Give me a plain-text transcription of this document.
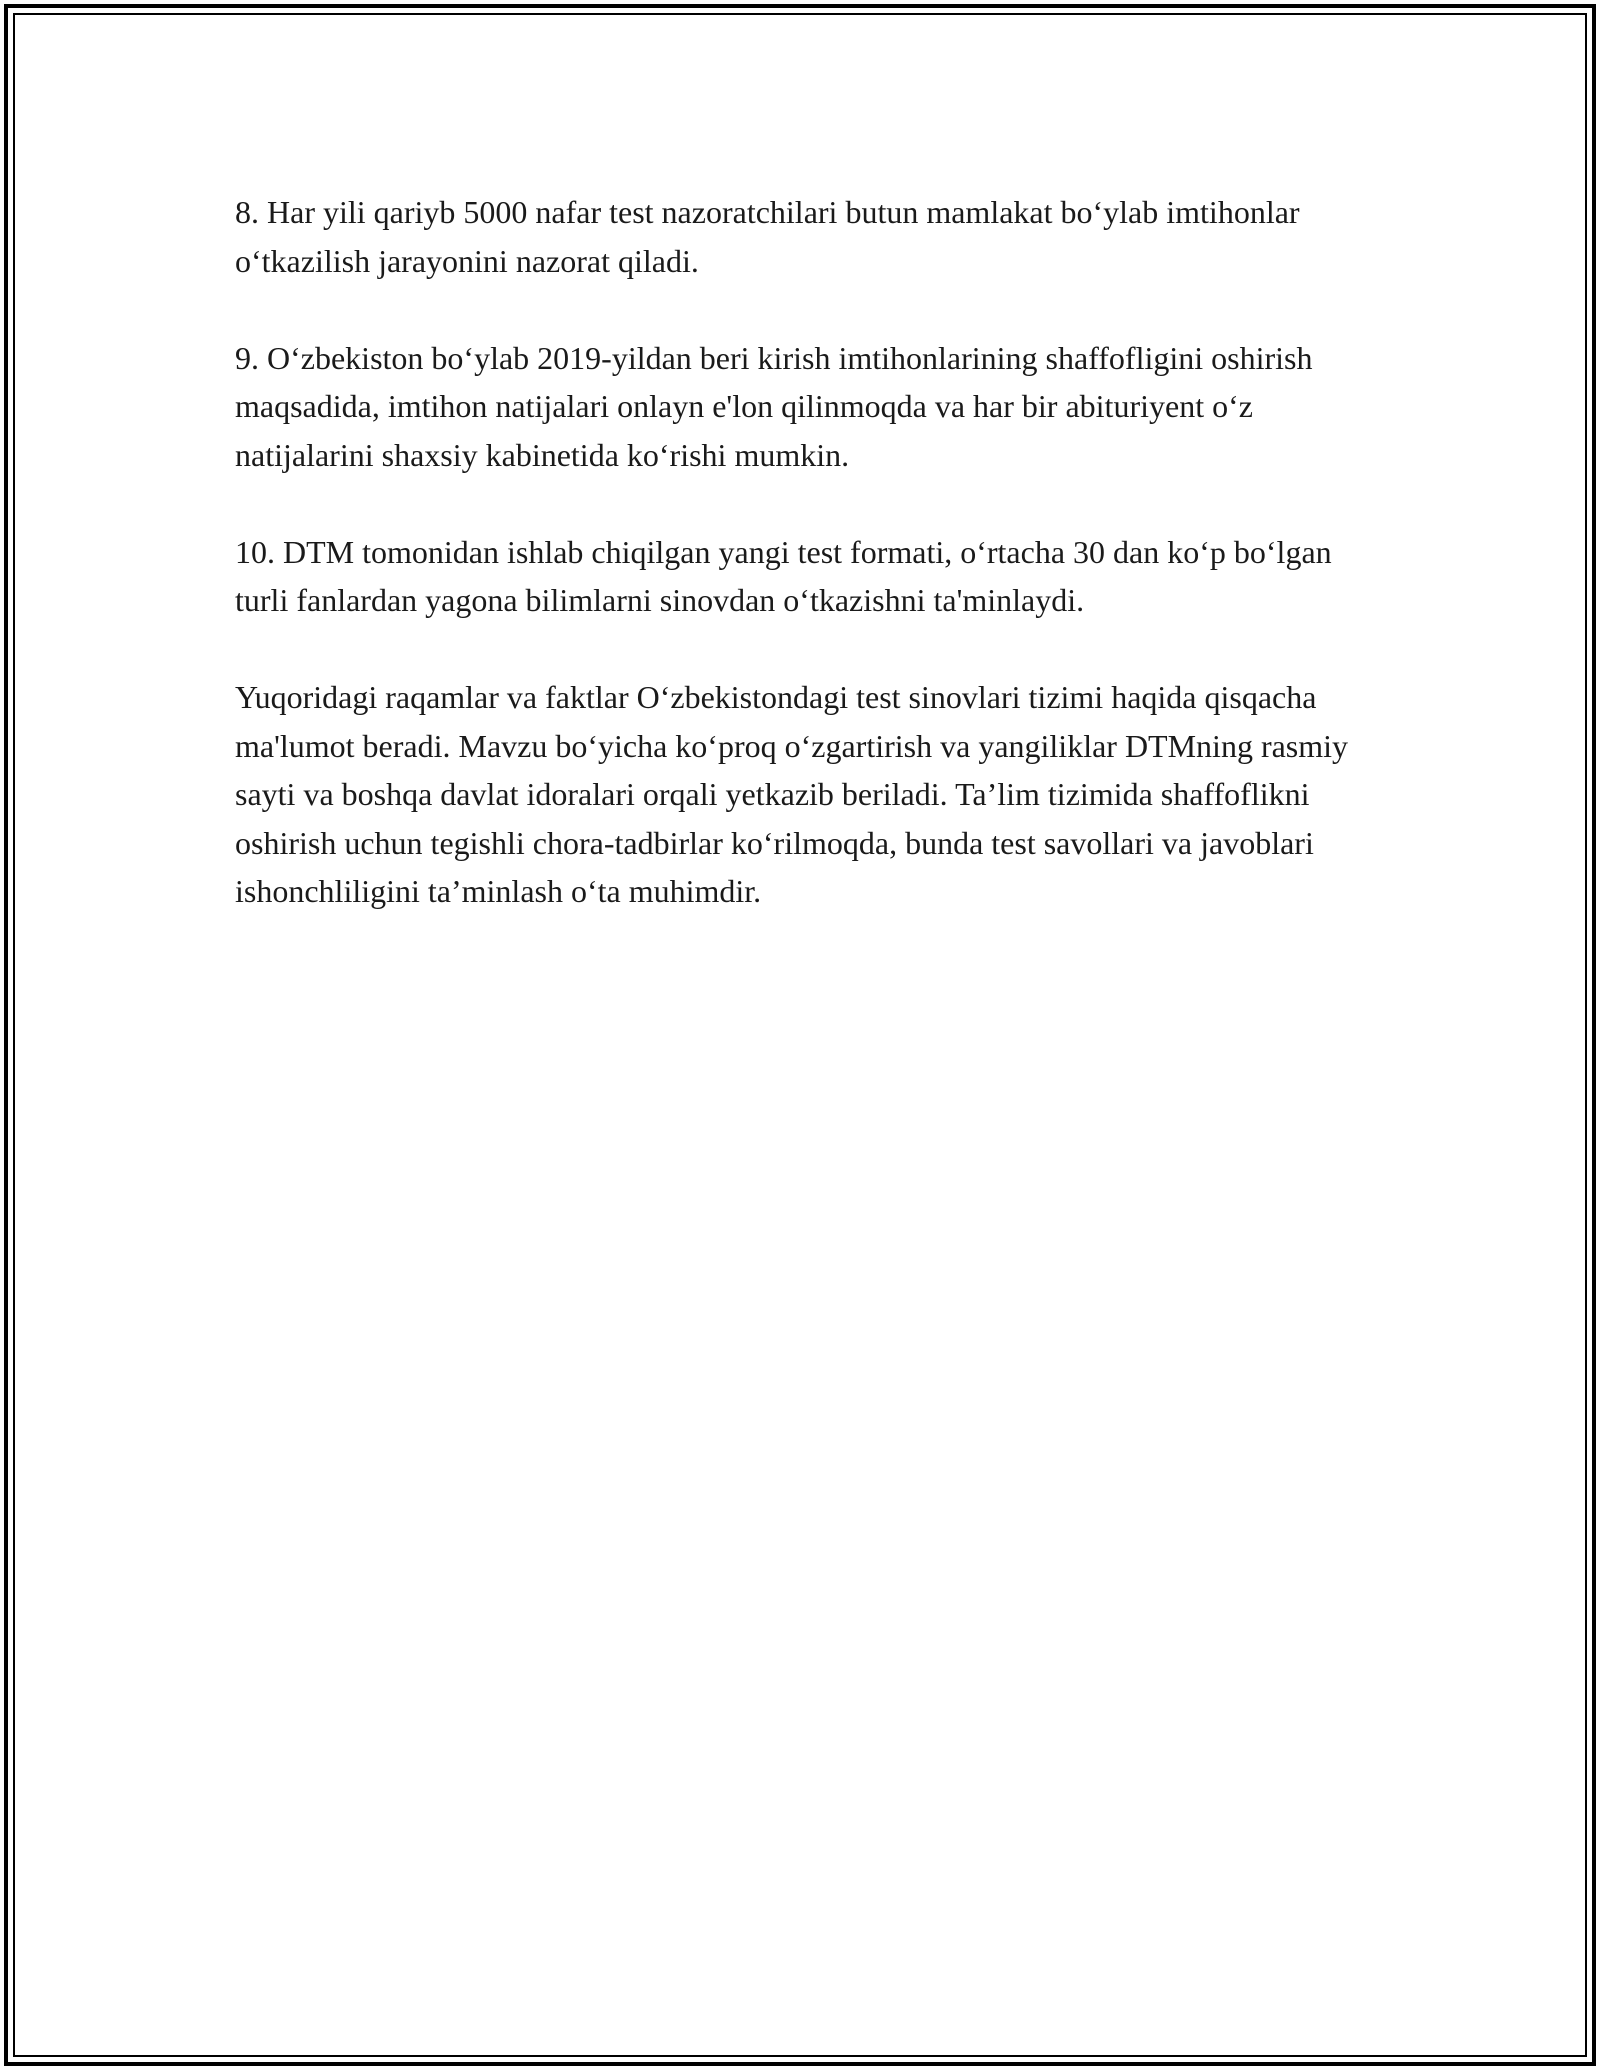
8. Har yili qariyb 5000 nafar test nazoratchilari butun mamlakat bo‘ylab imtihonlar o‘tkazilish jarayonini nazorat qiladi.

9. O‘zbekiston bo‘ylab 2019-yildan beri kirish imtihonlarining shaffofligini oshirish maqsadida, imtihon natijalari onlayn e'lon qilinmoqda va har bir abituriyent o‘z natijalarini shaxsiy kabinetida ko‘rishi mumkin.

10. DTM tomonidan ishlab chiqilgan yangi test formati, o‘rtacha 30 dan ko‘p bo‘lgan turli fanlardan yagona bilimlarni sinovdan o‘tkazishni ta'minlaydi.

Yuqoridagi raqamlar va faktlar O‘zbekistondagi test sinovlari tizimi haqida qisqacha ma'lumot beradi. Mavzu bo‘yicha ko‘proq o‘zgartirish va yangiliklar DTMning rasmiy sayti va boshqa davlat idoralari orqali yetkazib beriladi. Ta’lim tizimida shaffoflikni oshirish uchun tegishli chora-tadbirlar ko‘rilmoqda, bunda test savollari va javoblari ishonchliligini ta’minlash o‘ta muhimdir.
